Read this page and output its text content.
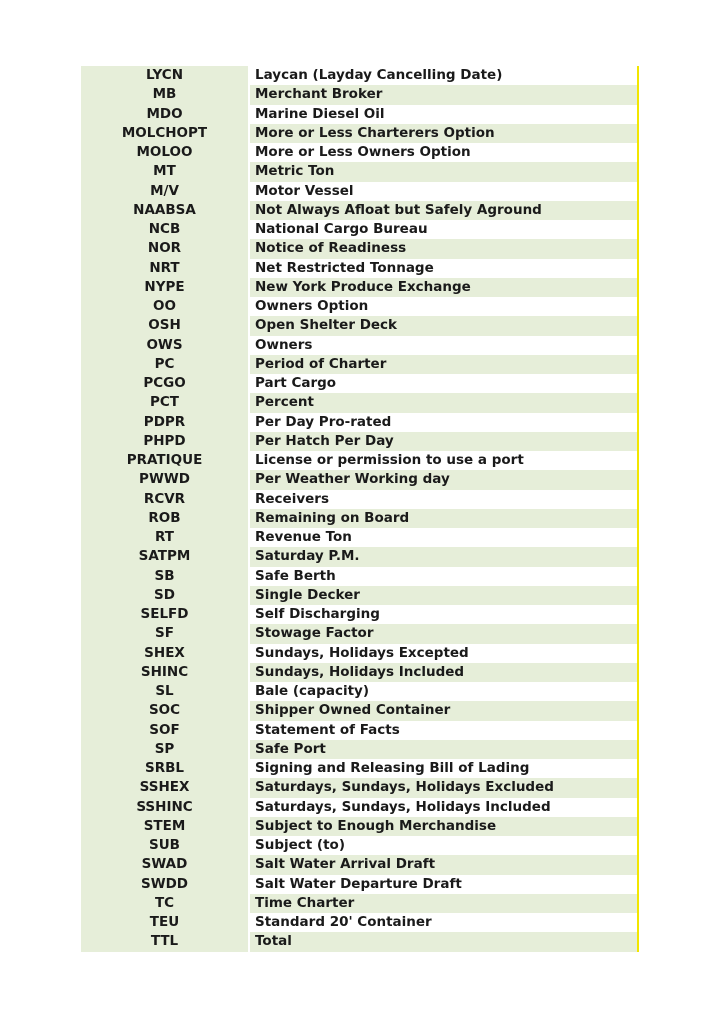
LYCN	Laycan (Layday Cancelling Date)
MB	Merchant Broker
MDO	Marine Diesel Oil
MOLCHOPT	More or Less Charterers Option
MOLOO	More or Less Owners Option
MT	Metric Ton
M/V	Motor Vessel
NAABSA	Not Always Afloat but Safely Aground
NCB	National Cargo Bureau
NOR	Notice of Readiness
NRT	Net Restricted Tonnage
NYPE	New York Produce Exchange
OO	Owners Option
OSH	Open Shelter Deck
OWS	Owners
PC	Period of Charter
PCGO	Part Cargo
PCT	Percent
PDPR	Per Day Pro-rated
PHPD	Per Hatch Per Day
PRATIQUE	License or permission to use a port
PWWD	Per Weather Working day
RCVR	Receivers
ROB	Remaining on Board
RT	Revenue Ton
SATPM	Saturday P.M.
SB	Safe Berth
SD	Single Decker
SELFD	Self Discharging
SF	Stowage Factor
SHEX	Sundays, Holidays Excepted
SHINC	Sundays, Holidays Included
SL	Bale (capacity)
SOC	Shipper Owned Container
SOF	Statement of Facts
SP	Safe Port
SRBL	Signing and Releasing Bill of Lading
SSHEX	Saturdays, Sundays, Holidays Excluded
SSHINC	Saturdays, Sundays, Holidays Included
STEM	Subject to Enough Merchandise
SUB	Subject (to)
SWAD	Salt Water Arrival Draft
SWDD	Salt Water Departure Draft
TC	Time Charter
TEU	Standard 20' Container
TTL	Total
